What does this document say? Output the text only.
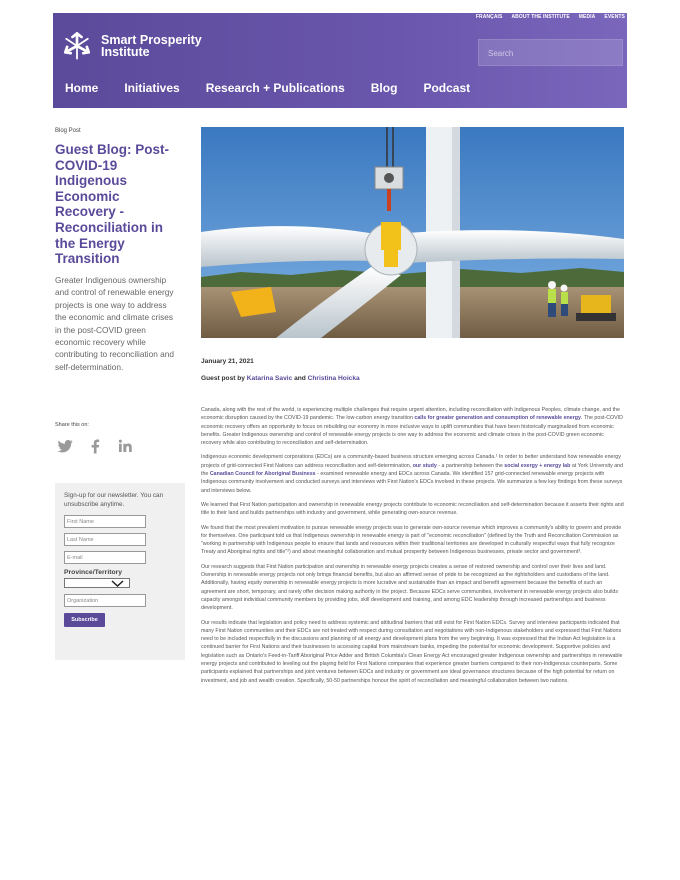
FRANÇAIS ABOUT THE INSTITUTE MEDIA EVENTS
Smart Prosperity
Institute	Search
Home Initiatives Research + Publications Blog Podcast
Blog Post
Guest Blog: Post-COVID-19 Indigenous Economic Recovery - Reconciliation in the Energy Transition
Greater Indigenous ownership and control of renewable energy projects is one way to address the economic and climate crises in the post-COVID green economic recovery while contributing to reconciliation and self-determination.
Share this on:
Sign-up for our newsletter. You can unsubscribe anytime.
First Name
Last Name
E-mail
Province/Territory
Organization
Subscribe
January 21, 2021
Guest post by Katarina Savic and Christina Hoicka

Canada, along with the rest of the world, is experiencing multiple challenges that require urgent attention, including reconciliation with Indigenous Peoples, climate change, and the economic disruption caused by the COVID-19 pandemic. The low-carbon energy transition calls for greater generation and consumption of renewable energy. The post-COVID economic recovery offers an opportunity to focus on rebuilding our economy in more inclusive ways to uplift communities that have been historically marginalized from economic benefits. Greater Indigenous ownership and control of renewable energy projects is one way to address the economic and climate crises in the post-COVID green economic recovery while also contributing to reconciliation and self-determination.

Indigenous economic development corporations (EDCs) are a community-based business structure emerging across Canada.¹ In order to better understand how renewable energy projects of grid-connected First Nations can address reconciliation and self-determination, our study - a partnership between the social exergy + energy lab at York University and the Canadian Council for Aboriginal Business - examined renewable energy and EDCs across Canada. We identified 157 grid-connected renewable energy projects with Indigenous community involvement and conducted surveys and interviews with First Nation's EDCs involved in these projects. We summarize a few key findings from these surveys and interviews below.

We learned that First Nation participation and ownership in renewable energy projects contribute to economic reconciliation and self-determination because it asserts their rights and title to their land and builds partnerships with industry and government, while generating own-source revenue.

We found that the most prevalent motivation to pursue renewable energy projects was to generate own-source revenue which improves a community's ability to govern and provide for themselves. One participant told us that Indigenous ownership in renewable energy is part of "economic reconciliation" (defined by the Truth and Reconciliation Commission as "working in partnership with Indigenous people to ensure that lands and resources within their traditional territories are developed in culturally respectful ways that fully recognize Treaty and Aboriginal rights and title"²) and about meaningful collaboration and mutual prosperity between Indigenous businesses, private sector and government³.

Our research suggests that First Nation participation and ownership in renewable energy projects creates a sense of restored ownership and control over their lives and land. Ownership in renewable energy projects not only brings financial benefits, but also an affirmed sense of pride to be recognized as the rightsholders and custodians of the land. Additionally, having equity ownership in renewable energy projects is more lucrative and sustainable than an impact and benefit agreement because the benefits of such an agreement are short, temporary, and rarely offer decision making authority in the project. Because EDCs serve communities, involvement in renewable energy projects also builds capacity amongst individual community members by providing jobs, skill development and training, and among EDC leadership through increased partnerships and business development.

Our results indicate that legislation and policy need to address systemic and attitudinal barriers that still exist for First Nation EDCs. Survey and interview participants indicated that many First Nation communities and their EDCs are not treated with respect during consultation and negotiations with non-Indigenous stakeholders and expressed that First Nations need to be included respectfully in the discussions and planning of all energy and development plans from the very beginning. It was expressed that the Indian Act legislation is a continued barrier for First Nations and their businesses to accessing capital from mainstream banks, impeding the potential for economic development. Supportive policies and legislation such as Ontario's Feed-in-Tariff Aboriginal Price Adder and British Columbia's Clean Energy Act encouraged greater Indigenous ownership and partnerships in renewable energy projects and contributed to leveling out the playing field for First Nations companies that experience greater barriers compared to their non-Indigenous counterparts. Some participants explained that partnerships and joint ventures between EDCs and industry or government are ideal governance structures because of the high potential for return on investment, and job and wealth creation. Specifically, 50-50 partnerships honour the spirit of reconciliation and meaningful collaboration between two nations.
